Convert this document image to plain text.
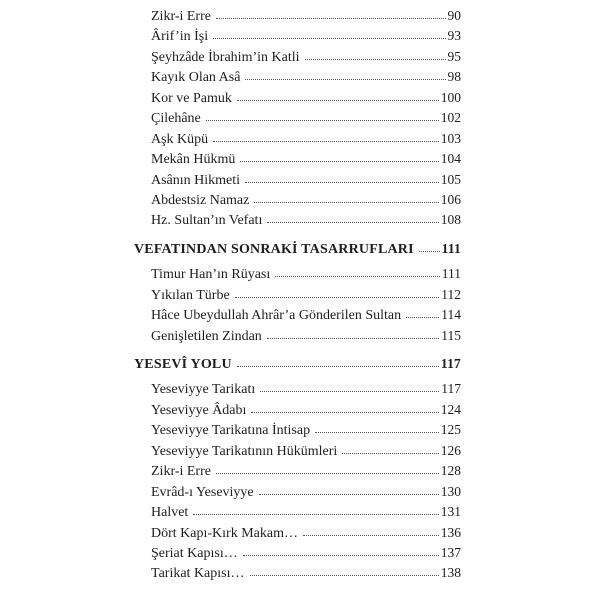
Zikr-i Erre	90
Ârif’in İşi	93
Şeyhzâde İbrahim’in Katli	95
Kayık Olan Asâ	98
Kor ve Pamuk	100
Çilehâne	102
Aşk Küpü	103
Mekân Hükmü	104
Asânın Hikmeti	105
Abdestsiz Namaz	106
Hz. Sultan’ın Vefatı	108
VEFATINDAN SONRAKİ TASARRUFLARI 111
Timur Han’ın Rüyası	111
Yıkılan Türbe	112
Hâce Ubeydullah Ahrâr’a Gönderilen Sultan	114
Genişletilen Zindan	115
YESEVÎ YOLU	117
Yeseviyye Tarikatı	117
Yeseviyye Âdabı	124
Yeseviyye Tarikatına İntisap	125
Yeseviyye Tarikatının Hükümleri	126
Zikr-i Erre	128
Evrâd-ı Yeseviyye	130
Halvet	131
Dört Kapı-Kırk Makam…	136
Şeriat Kapısı…	137
Tarikat Kapısı…	138
